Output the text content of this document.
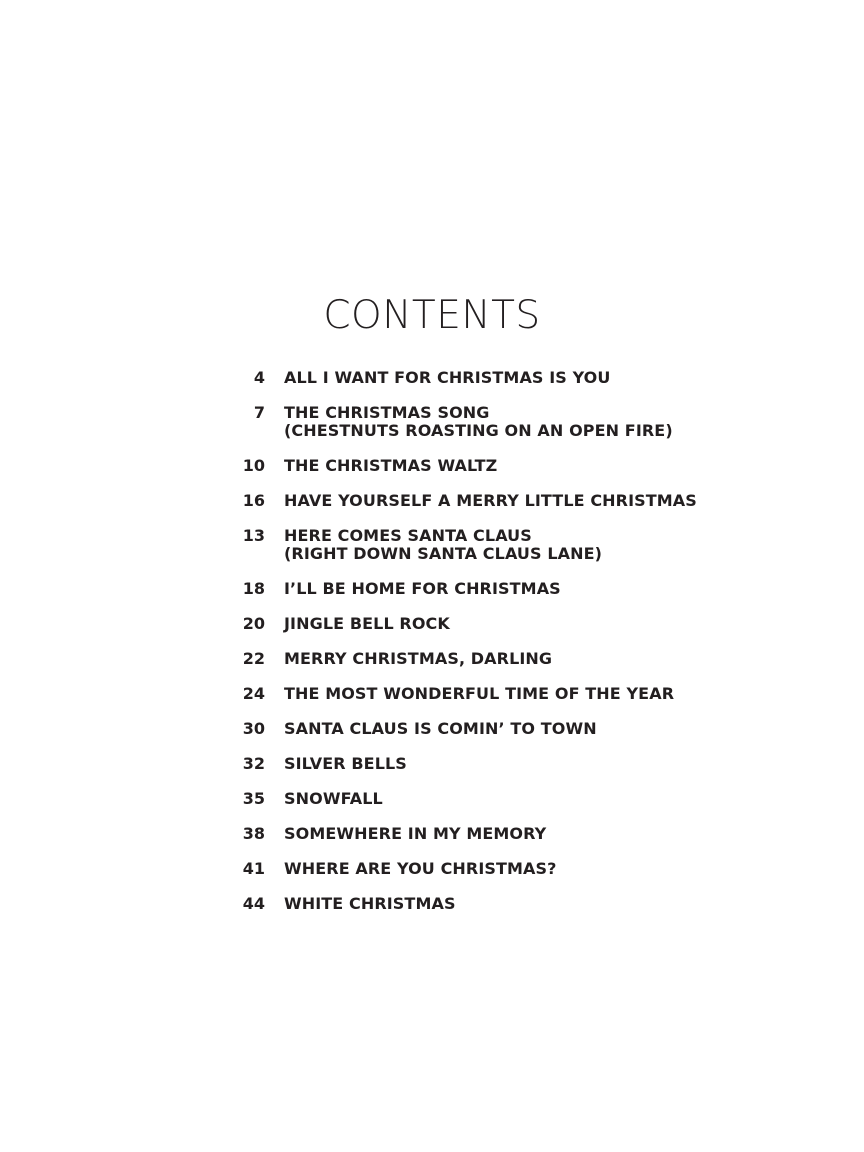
CONTENTS
4 ALL I WANT FOR CHRISTMAS IS YOU
7 THE CHRISTMAS SONG
(CHESTNUTS ROASTING ON AN OPEN FIRE)
10 THE CHRISTMAS WALTZ
16 HAVE YOURSELF A MERRY LITTLE CHRISTMAS
13 HERE COMES SANTA CLAUS
(RIGHT DOWN SANTA CLAUS LANE)
18 I’LL BE HOME FOR CHRISTMAS
20 JINGLE BELL ROCK
22 MERRY CHRISTMAS, DARLING
24 THE MOST WONDERFUL TIME OF THE YEAR
30 SANTA CLAUS IS COMIN’ TO TOWN
32 SILVER BELLS
35 SNOWFALL
38 SOMEWHERE IN MY MEMORY
41 WHERE ARE YOU CHRISTMAS?
44 WHITE CHRISTMAS
